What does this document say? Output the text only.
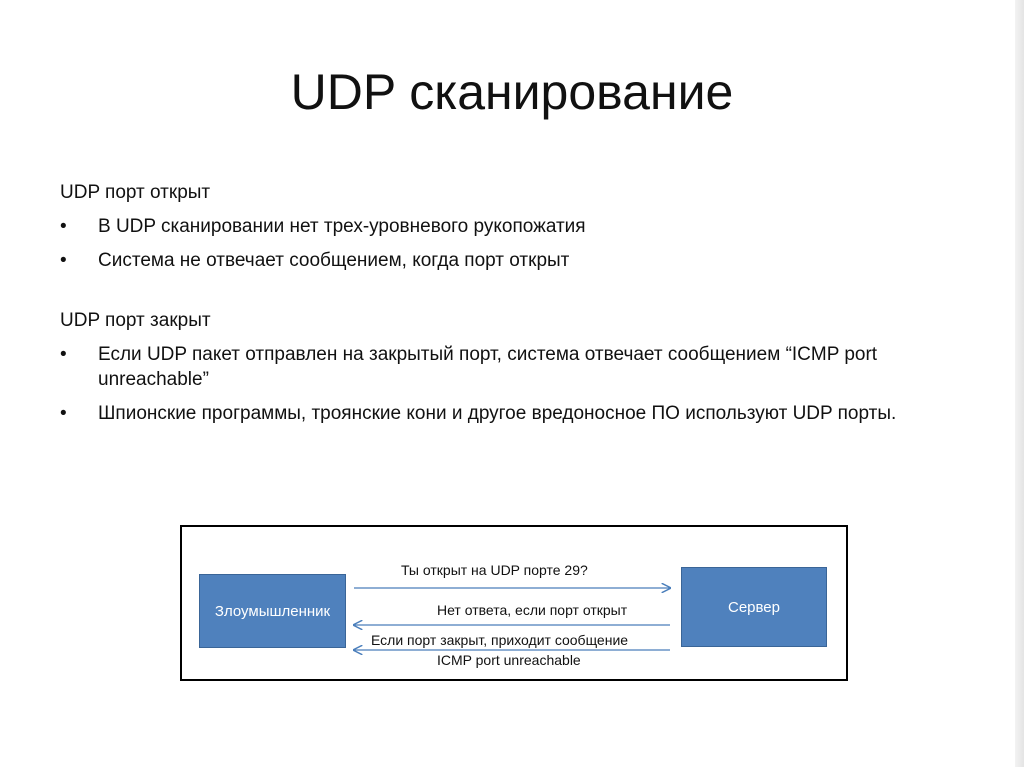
UDP сканирование
UDP порт открыт
• В UDP сканировании нет трех-уровневого рукопожатия
• Система не отвечает сообщением, когда порт открыт
UDP порт закрыт
• Если UDP пакет отправлен на закрытый порт, система отвечает сообщением “ICMP port unreachable”
• Шпионские программы, троянские кони и другое вредоносное ПО используют UDP порты.
Злоумышленник	Сервер
Ты открыт на UDP порте 29?
Нет ответа, если порт открыт
Если порт закрыт, приходит сообщение
ICMP port unreachable
